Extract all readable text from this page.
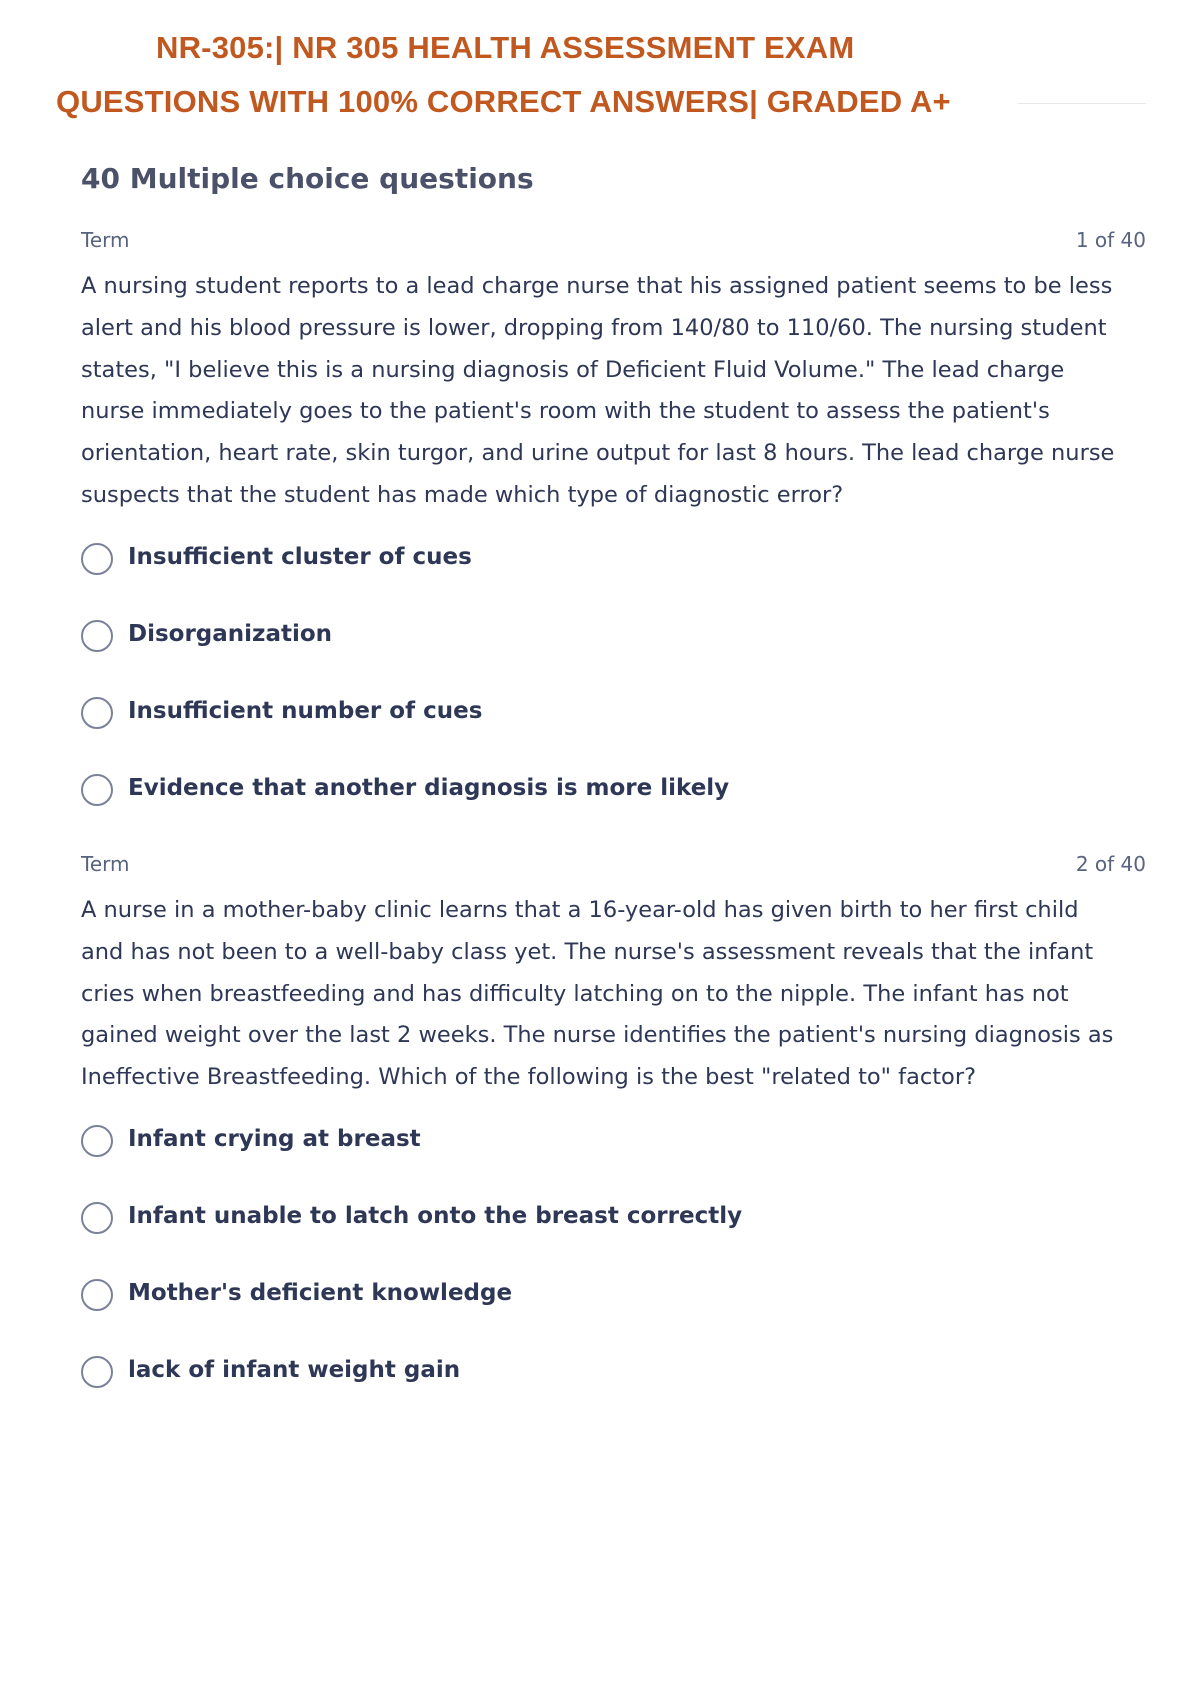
NR-305:| NR 305 HEALTH ASSESSMENT EXAM
QUESTIONS WITH 100% CORRECT ANSWERS| GRADED A+
40 Multiple choice questions
Term	1 of 40
A nursing student reports to a lead charge nurse that his assigned patient seems to be less alert and his blood pressure is lower, dropping from 140/80 to 110/60. The nursing student states, "I believe this is a nursing diagnosis of Deficient Fluid Volume." The lead charge nurse immediately goes to the patient's room with the student to assess the patient's orientation, heart rate, skin turgor, and urine output for last 8 hours. The lead charge nurse suspects that the student has made which type of diagnostic error?
Insufficient cluster of cues
Disorganization
Insufficient number of cues
Evidence that another diagnosis is more likely
Term	2 of 40
A nurse in a mother-baby clinic learns that a 16-year-old has given birth to her first child and has not been to a well-baby class yet. The nurse's assessment reveals that the infant cries when breastfeeding and has difficulty latching on to the nipple. The infant has not gained weight over the last 2 weeks. The nurse identifies the patient's nursing diagnosis as Ineffective Breastfeeding. Which of the following is the best "related to" factor?
Infant crying at breast
Infant unable to latch onto the breast correctly
Mother's deficient knowledge
lack of infant weight gain
